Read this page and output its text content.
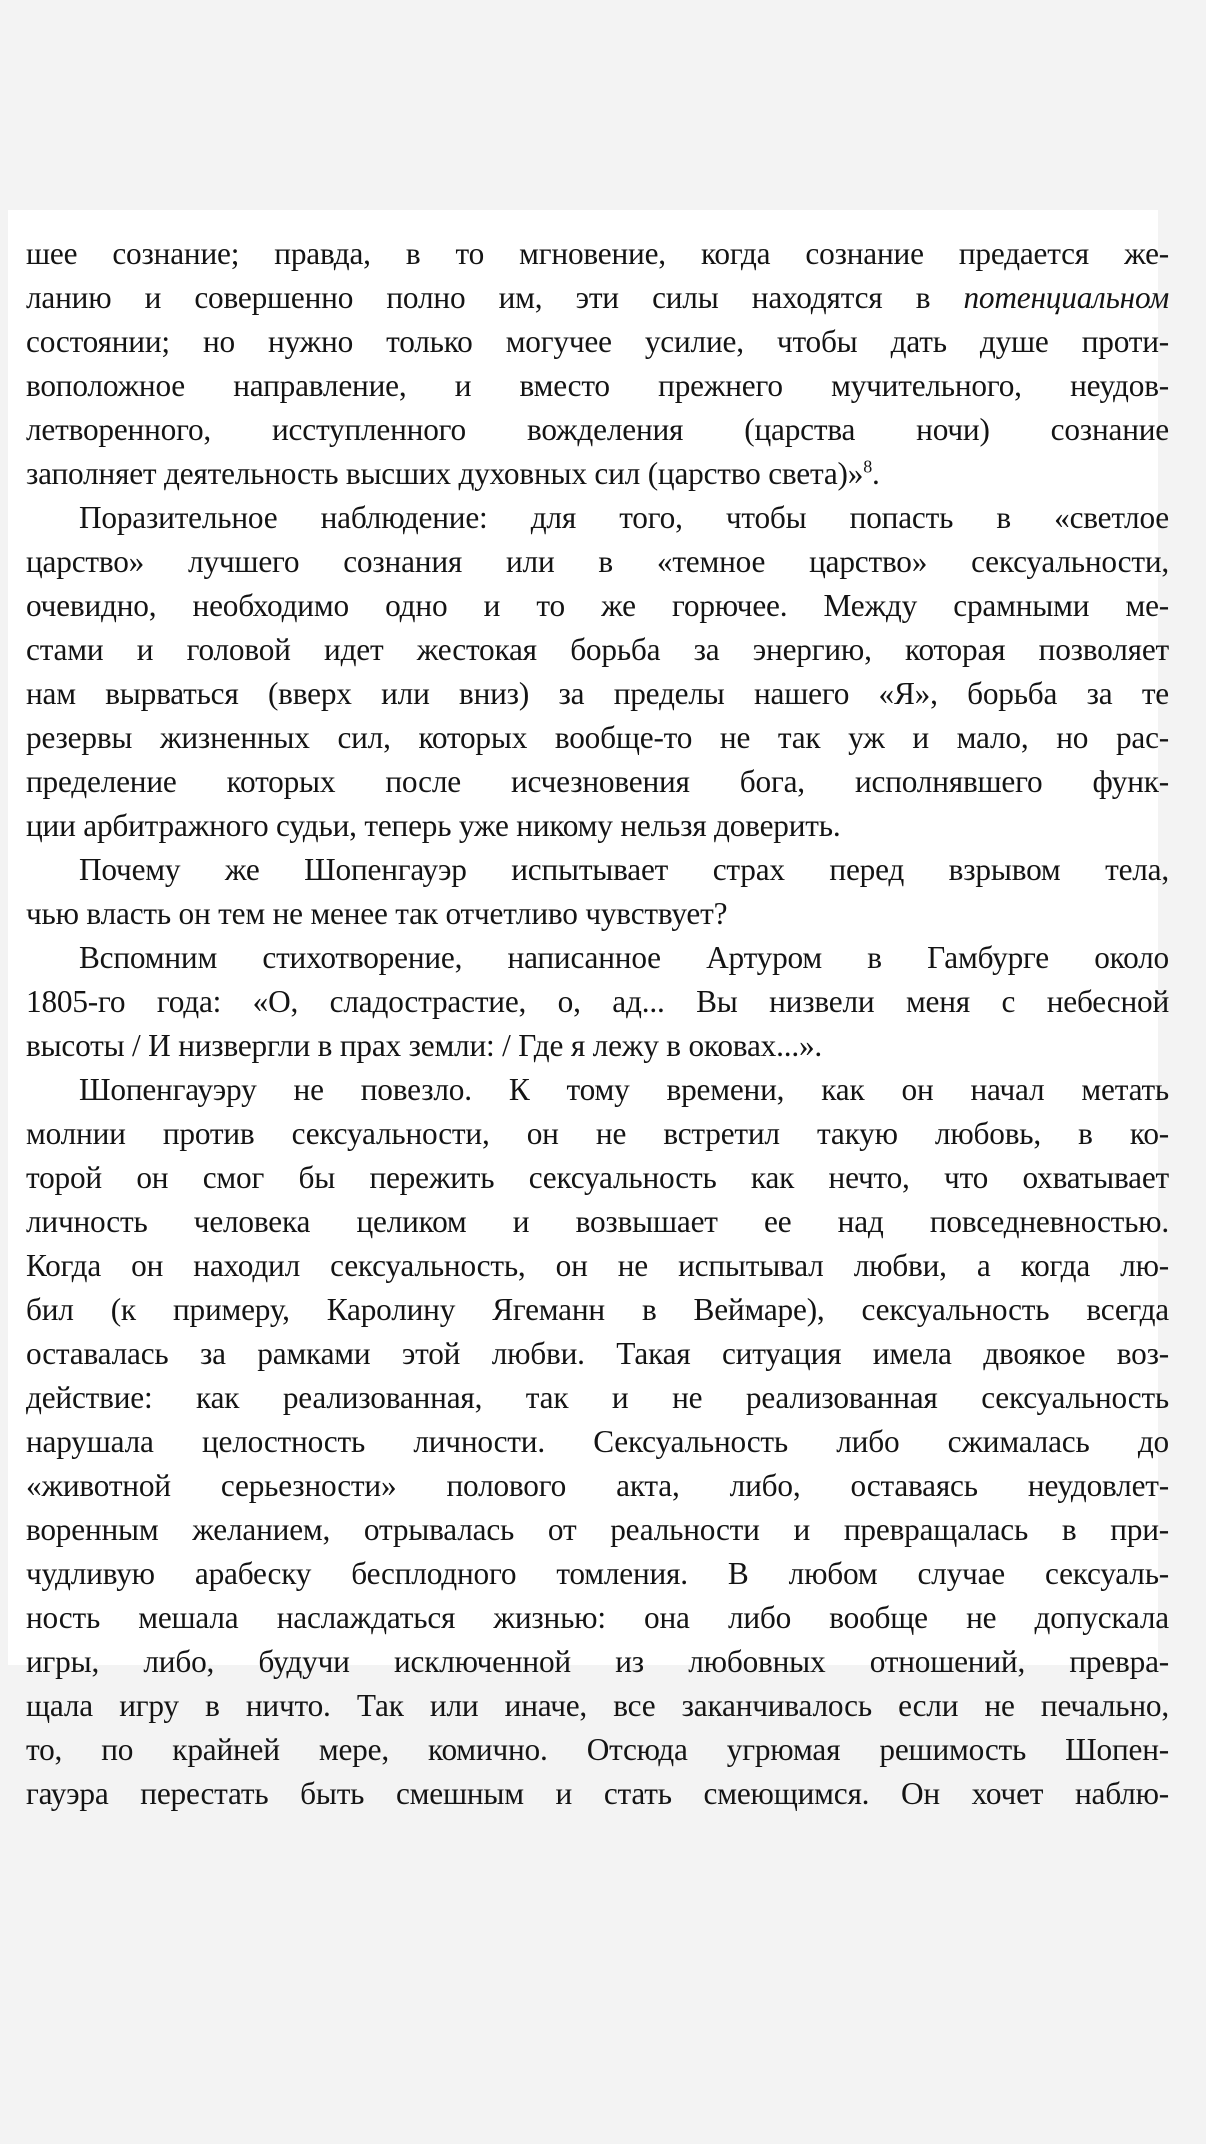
шее сознание; правда, в то мгновение, когда сознание предается же-
ланию и совершенно полно им, эти силы находятся в потенциальном
состоянии; но нужно только могучее усилие, чтобы дать душе проти-
воположное направление, и вместо прежнего мучительного, неудов-
летворенного, исступленного вожделения (царства ночи) сознание
заполняет деятельность высших духовных сил (царство света)»$^8$.
Поразительное наблюдение: для того, чтобы попасть в «светлое
царство» лучшего сознания или в «темное царство» сексуальности,
очевидно, необходимо одно и то же горючее. Между срамными ме-
стами и головой идет жестокая борьба за энергию, которая позволяет
нам вырваться (вверх или вниз) за пределы нашего «Я», борьба за те
резервы жизненных сил, которых вообще-то не так уж и мало, но рас-
пределение которых после исчезновения бога, исполнявшего функ-
ции арбитражного судьи, теперь уже никому нельзя доверить.
Почему же Шопенгауэр испытывает страх перед взрывом тела,
чью власть он тем не менее так отчетливо чувствует?
Вспомним стихотворение, написанное Артуром в Гамбурге около
1805-го года: «О, сладострастие, о, ад... Вы низвели меня с небесной
высоты / И низвергли в прах земли: / Где я лежу в оковах...».
Шопенгауэру не повезло. К тому времени, как он начал метать
молнии против сексуальности, он не встретил такую любовь, в ко-
торой он смог бы пережить сексуальность как нечто, что охватывает
личность человека целиком и возвышает ее над повседневностью.
Когда он находил сексуальность, он не испытывал любви, а когда лю-
бил (к примеру, Каролину Ягеманн в Веймаре), сексуальность всегда
оставалась за рамками этой любви. Такая ситуация имела двоякое воз-
действие: как реализованная, так и не реализованная сексуальность
нарушала целостность личности. Сексуальность либо сжималась до
«животной серьезности» полового акта, либо, оставаясь неудовлет-
воренным желанием, отрывалась от реальности и превращалась в при-
чудливую арабеску бесплодного томления. В любом случае сексуаль-
ность мешала наслаждаться жизнью: она либо вообще не допускала
игры, либо, будучи исключенной из любовных отношений, превра-
щала игру в ничто. Так или иначе, все заканчивалось если не печально,
то, по крайней мере, комично. Отсюда угрюмая решимость Шопен-
гауэра перестать быть смешным и стать смеющимся. Он хочет наблю-
